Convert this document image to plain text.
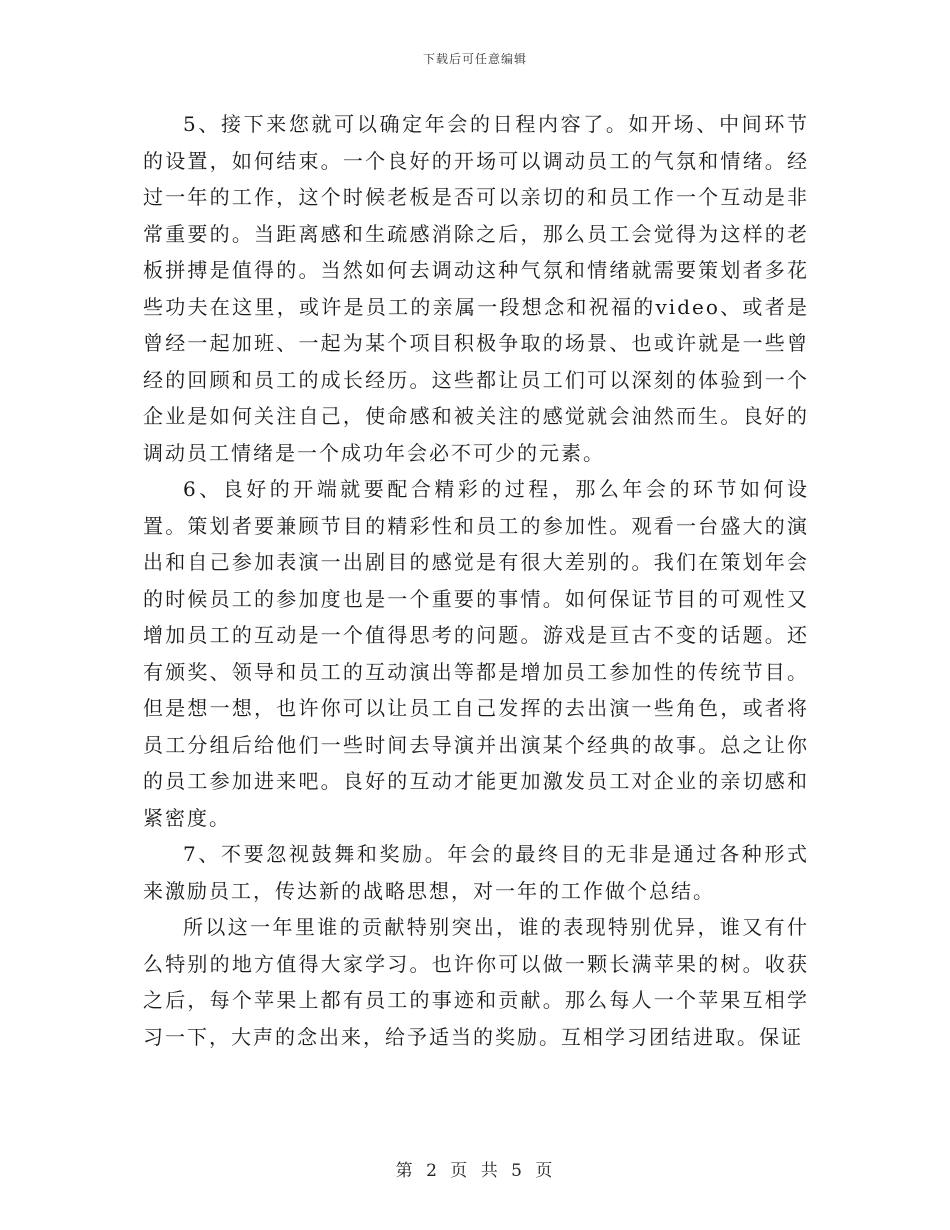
下载后可任意编辑

5、接下来您就可以确定年会的日程内容了。如开场、中间环节的设置，如何结束。一个良好的开场可以调动员工的气氛和情绪。经过一年的工作，这个时候老板是否可以亲切的和员工作一个互动是非常重要的。当距离感和生疏感消除之后，那么员工会觉得为这样的老板拼搏是值得的。当然如何去调动这种气氛和情绪就需要策划者多花些功夫在这里，或许是员工的亲属一段想念和祝福的video、或者是曾经一起加班、一起为某个项目积极争取的场景、也或许就是一些曾经的回顾和员工的成长经历。这些都让员工们可以深刻的体验到一个企业是如何关注自己，使命感和被关注的感觉就会油然而生。良好的调动员工情绪是一个成功年会必不可少的元素。

6、良好的开端就要配合精彩的过程，那么年会的环节如何设置。策划者要兼顾节目的精彩性和员工的参加性。观看一台盛大的演出和自己参加表演一出剧目的感觉是有很大差别的。我们在策划年会的时候员工的参加度也是一个重要的事情。如何保证节目的可观性又增加员工的互动是一个值得思考的问题。游戏是亘古不变的话题。还有颁奖、领导和员工的互动演出等都是增加员工参加性的传统节目。但是想一想，也许你可以让员工自己发挥的去出演一些角色，或者将员工分组后给他们一些时间去导演并出演某个经典的故事。总之让你的员工参加进来吧。良好的互动才能更加激发员工对企业的亲切感和紧密度。

7、不要忽视鼓舞和奖励。年会的最终目的无非是通过各种形式来激励员工，传达新的战略思想，对一年的工作做个总结。

所以这一年里谁的贡献特别突出，谁的表现特别优异，谁又有什么特别的地方值得大家学习。也许你可以做一颗长满苹果的树。收获之后，每个苹果上都有员工的事迹和贡献。那么每人一个苹果互相学习一下，大声的念出来，给予适当的奖励。互相学习团结进取。保证

第 2 页 共 5 页
